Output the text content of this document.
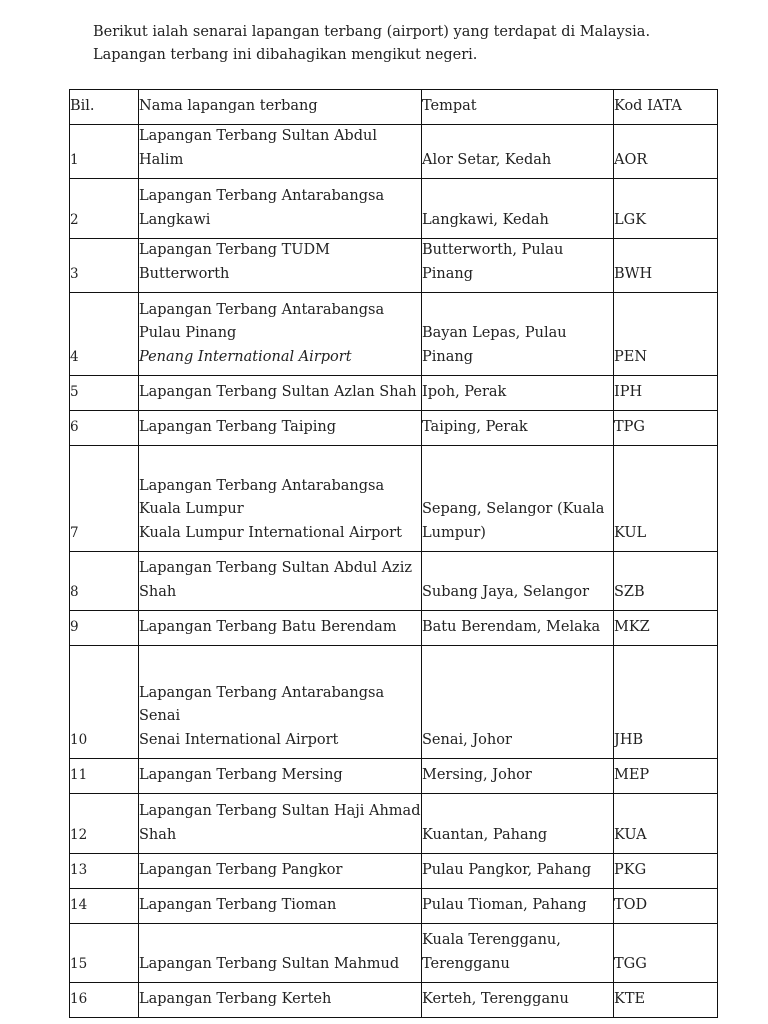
Berikut ialah senarai lapangan terbang (airport) yang terdapat di Malaysia.

Lapangan terbang ini dibahagikan mengikut negeri.

Bil.	Nama lapangan terbang	Tempat	Kod IATA
1	Lapangan Terbang Sultan Abdul Halim	Alor Setar, Kedah	AOR
2	Lapangan Terbang Antarabangsa Langkawi	Langkawi, Kedah	LGK
3	Lapangan Terbang TUDM Butterworth	Butterworth, Pulau Pinang	BWH
4	Lapangan Terbang Antarabangsa Pulau Pinang
Penang International Airport	Bayan Lepas, Pulau Pinang	PEN
5	Lapangan Terbang Sultan Azlan Shah	Ipoh, Perak	IPH
6	Lapangan Terbang Taiping	Taiping, Perak	TPG
7	Lapangan Terbang Antarabangsa Kuala Lumpur
Kuala Lumpur International Airport	Sepang, Selangor (Kuala Lumpur)	KUL
8	Lapangan Terbang Sultan Abdul Aziz Shah	Subang Jaya, Selangor	SZB
9	Lapangan Terbang Batu Berendam	Batu Berendam, Melaka	MKZ
10	Lapangan Terbang Antarabangsa Senai
Senai International Airport	Senai, Johor	JHB
11	Lapangan Terbang Mersing	Mersing, Johor	MEP
12	Lapangan Terbang Sultan Haji Ahmad Shah	Kuantan, Pahang	KUA
13	Lapangan Terbang Pangkor	Pulau Pangkor, Pahang	PKG
14	Lapangan Terbang Tioman	Pulau Tioman, Pahang	TOD
15	Lapangan Terbang Sultan Mahmud	Kuala Terengganu, Terengganu	TGG
16	Lapangan Terbang Kerteh	Kerteh, Terengganu	KTE
